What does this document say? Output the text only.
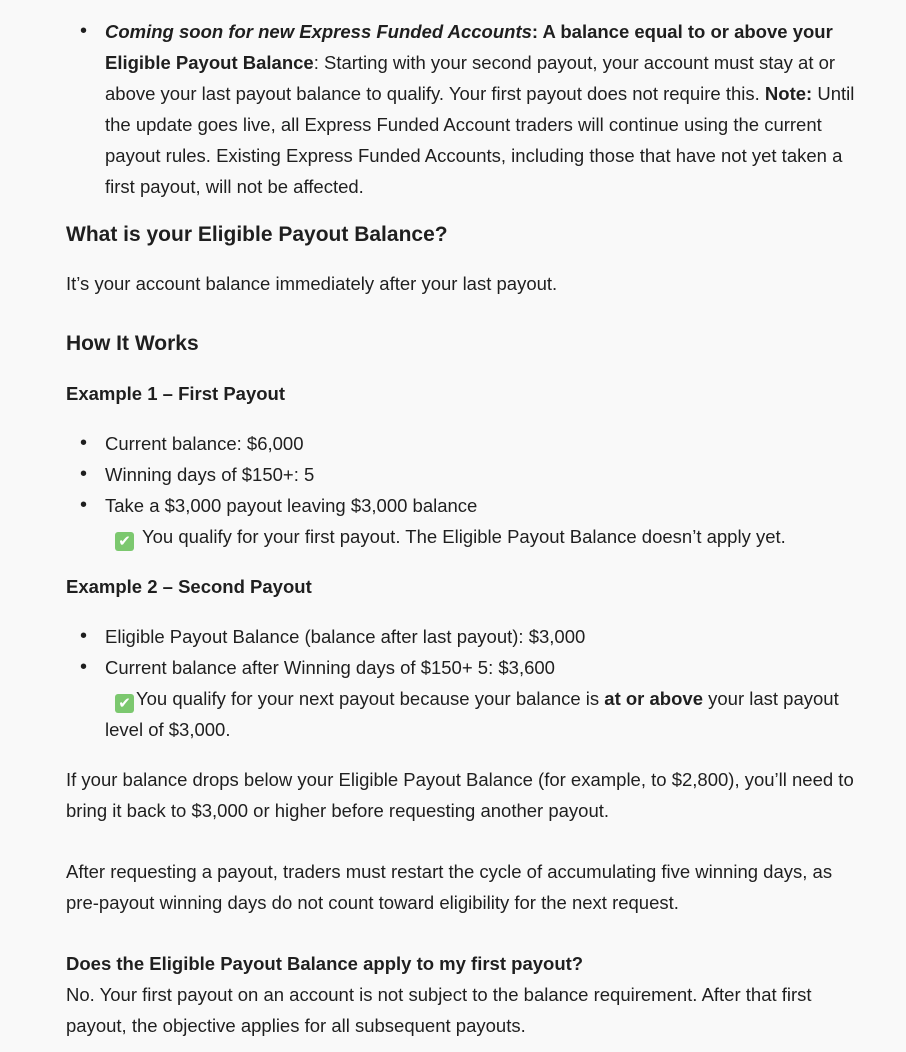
• Coming soon for new Express Funded Accounts: A balance equal to or above your Eligible Payout Balance: Starting with your second payout, your account must stay at or above your last payout balance to qualify. Your first payout does not require this. Note: Until the update goes live, all Express Funded Account traders will continue using the current payout rules. Existing Express Funded Accounts, including those that have not yet taken a first payout, will not be affected.
What is your Eligible Payout Balance?

It’s your account balance immediately after your last payout.

How It Works
Example 1 – First Payout
• Current balance: $6,000
• Winning days of $150+: 5
• Take a $3,000 payout leaving $3,000 balance
✔ You qualify for your first payout. The Eligible Payout Balance doesn’t apply yet.
Example 2 – Second Payout
• Eligible Payout Balance (balance after last payout): $3,000
• Current balance after Winning days of $150+ 5: $3,600
✔ You qualify for your next payout because your balance is at or above your last payout level of $3,000.

If your balance drops below your Eligible Payout Balance (for example, to $2,800), you’ll need to bring it back to $3,000 or higher before requesting another payout.

After requesting a payout, traders must restart the cycle of accumulating five winning days, as pre-payout winning days do not count toward eligibility for the next request.

Does the Eligible Payout Balance apply to my first payout?

No. Your first payout on an account is not subject to the balance requirement. After that first payout, the objective applies for all subsequent payouts.
